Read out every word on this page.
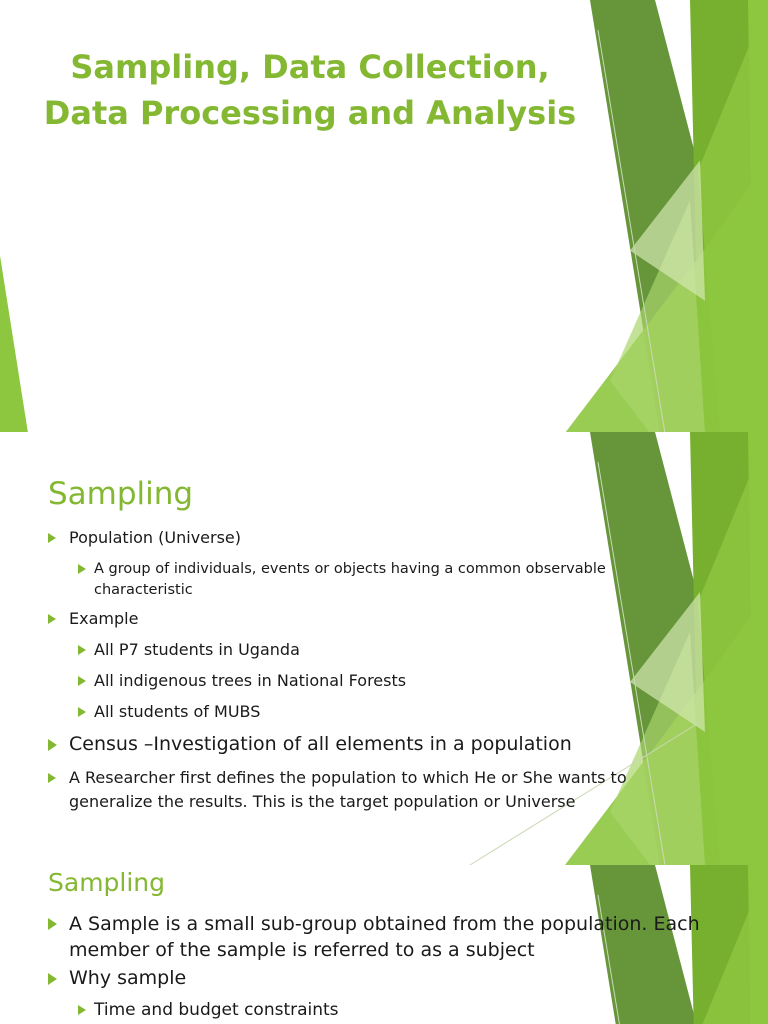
Sampling, Data Collection,
Data Processing and Analysis
Sampling
Population (Universe)
A group of individuals, events or objects having a common observable
characteristic
Example
All P7 students in Uganda
All indigenous trees in National Forests
All students of MUBS
Census –Investigation of all elements in a population
A Researcher first defines the population to which He or She wants to
generalize the results. This is the target population or Universe
Sampling
A Sample is a small sub-group obtained from the population. Each
member of the sample is referred to as a subject
Why sample
Time and budget constraints
